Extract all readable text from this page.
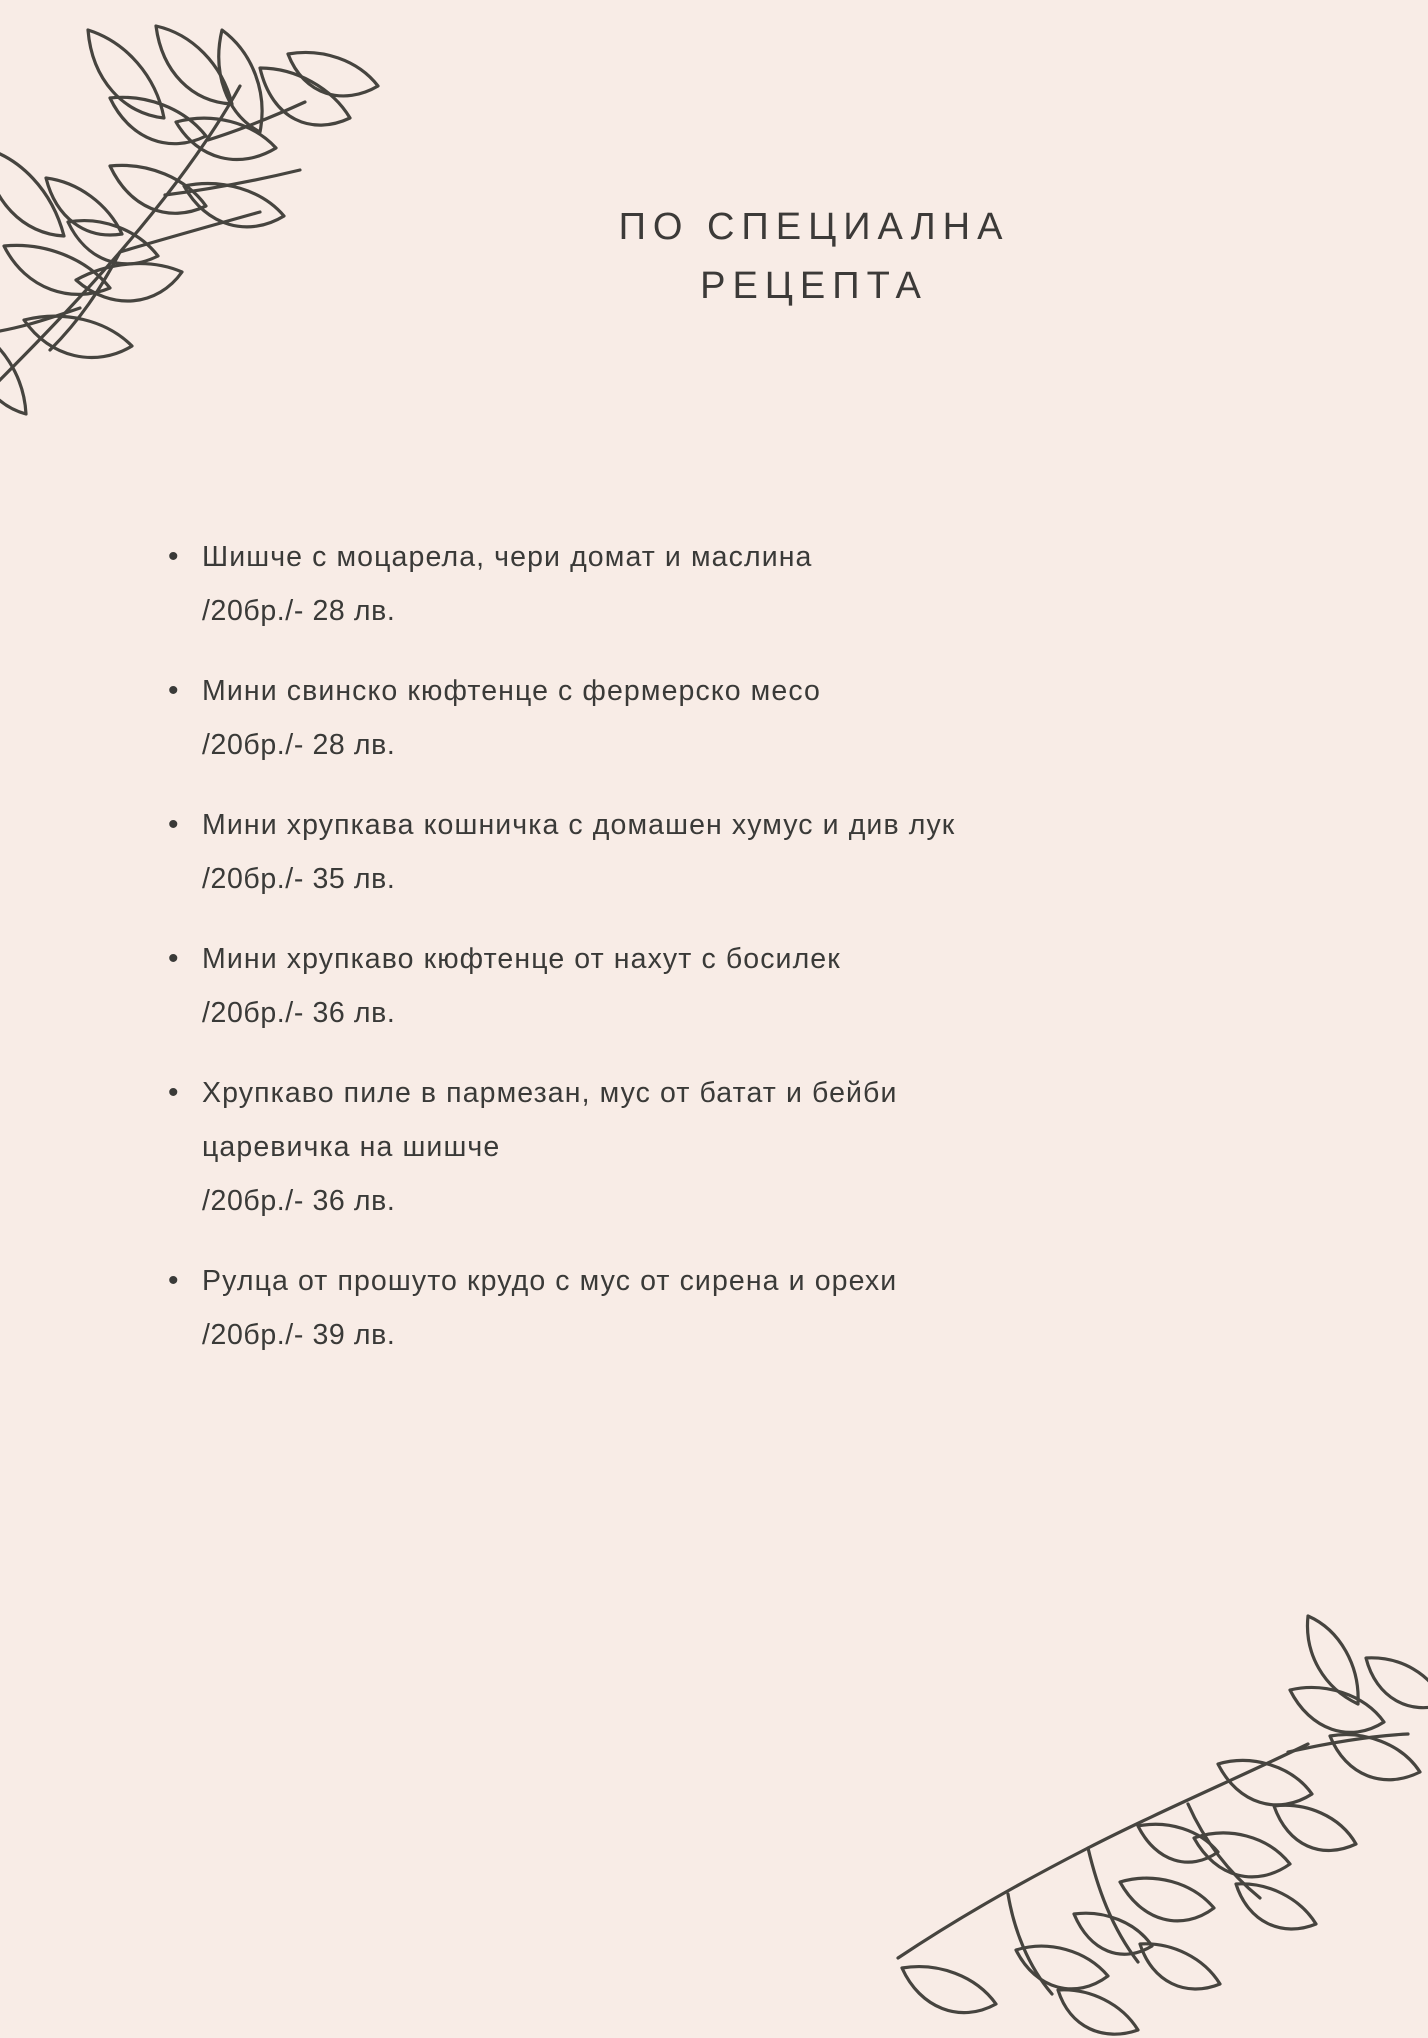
ПО СПЕЦИАЛНА
РЕЦЕПТА
• Шишче с моцарела, чери домат и маслина
/20бр./- 28 лв.
• Мини свинско кюфтенце с фермерско месо
/20бр./- 28 лв.
• Мини хрупкава кошничка с домашен хумус и див лук
/20бр./- 35 лв.
• Мини хрупкаво кюфтенце от нахут с босилек
/20бр./- 36 лв.
• Хрупкаво пиле в пармезан, мус от батат и бейби
царевичка на шишче
/20бр./- 36 лв.
• Рулца от прошуто крудо с мус от сирена и орехи
/20бр./- 39 лв.
